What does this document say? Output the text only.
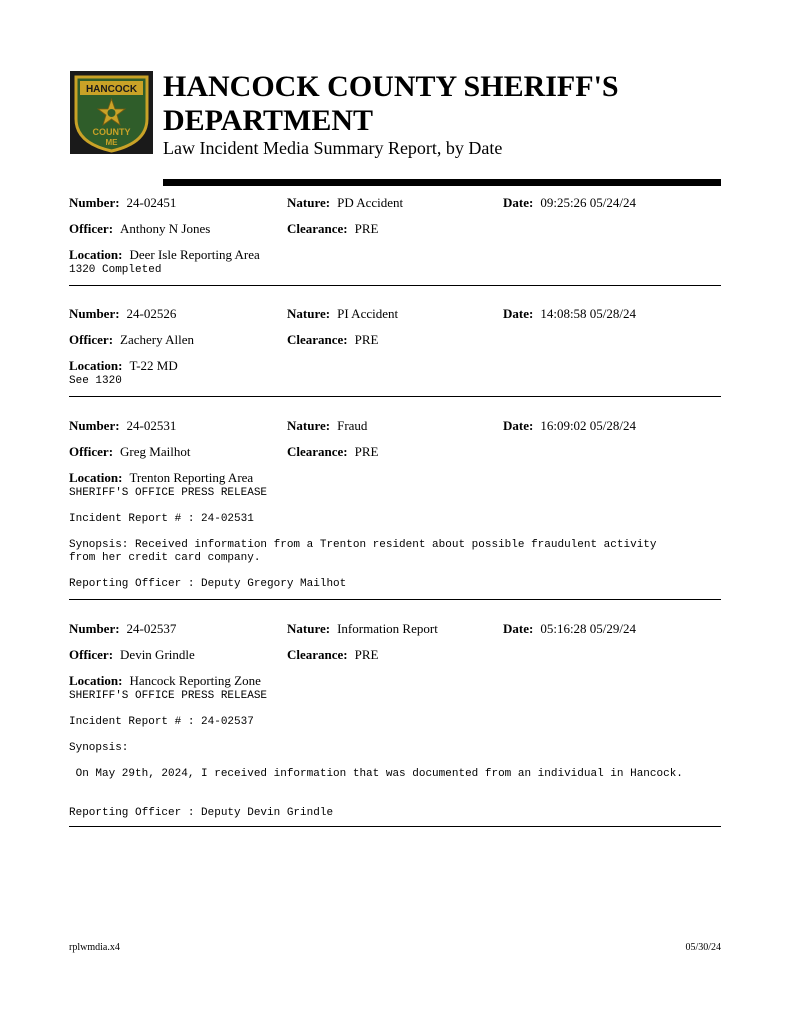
HANCOCK
COUNTY
ME
HANCOCK COUNTY SHERIFF'S
DEPARTMENT
Law Incident Media Summary Report, by Date
Number: 24-02451	Nature: PD Accident	Date: 09:25:26 05/24/24
Officer: Anthony N Jones	Clearance: PRE
Location: Deer Isle Reporting Area
1320 Completed
Number: 24-02526	Nature: PI Accident	Date: 14:08:58 05/28/24
Officer: Zachery Allen	Clearance: PRE
Location: T-22 MD
See 1320
Number: 24-02531	Nature: Fraud	Date: 16:09:02 05/28/24
Officer: Greg Mailhot	Clearance: PRE
Location: Trenton Reporting Area
SHERIFF'S OFFICE PRESS RELEASE
Incident Report # : 24-02531
Synopsis: Received information from a Trenton resident about possible fraudulent activity
from her credit card company.
Reporting Officer : Deputy Gregory Mailhot
Number: 24-02537	Nature: Information Report	Date: 05:16:28 05/29/24
Officer: Devin Grindle	Clearance: PRE
Location: Hancock Reporting Zone
SHERIFF'S OFFICE PRESS RELEASE
Incident Report # : 24-02537
Synopsis:
On May 29th, 2024, I received information that was documented from an individual in Hancock.
Reporting Officer : Deputy Devin Grindle
rplwmdia.x4	05/30/24
